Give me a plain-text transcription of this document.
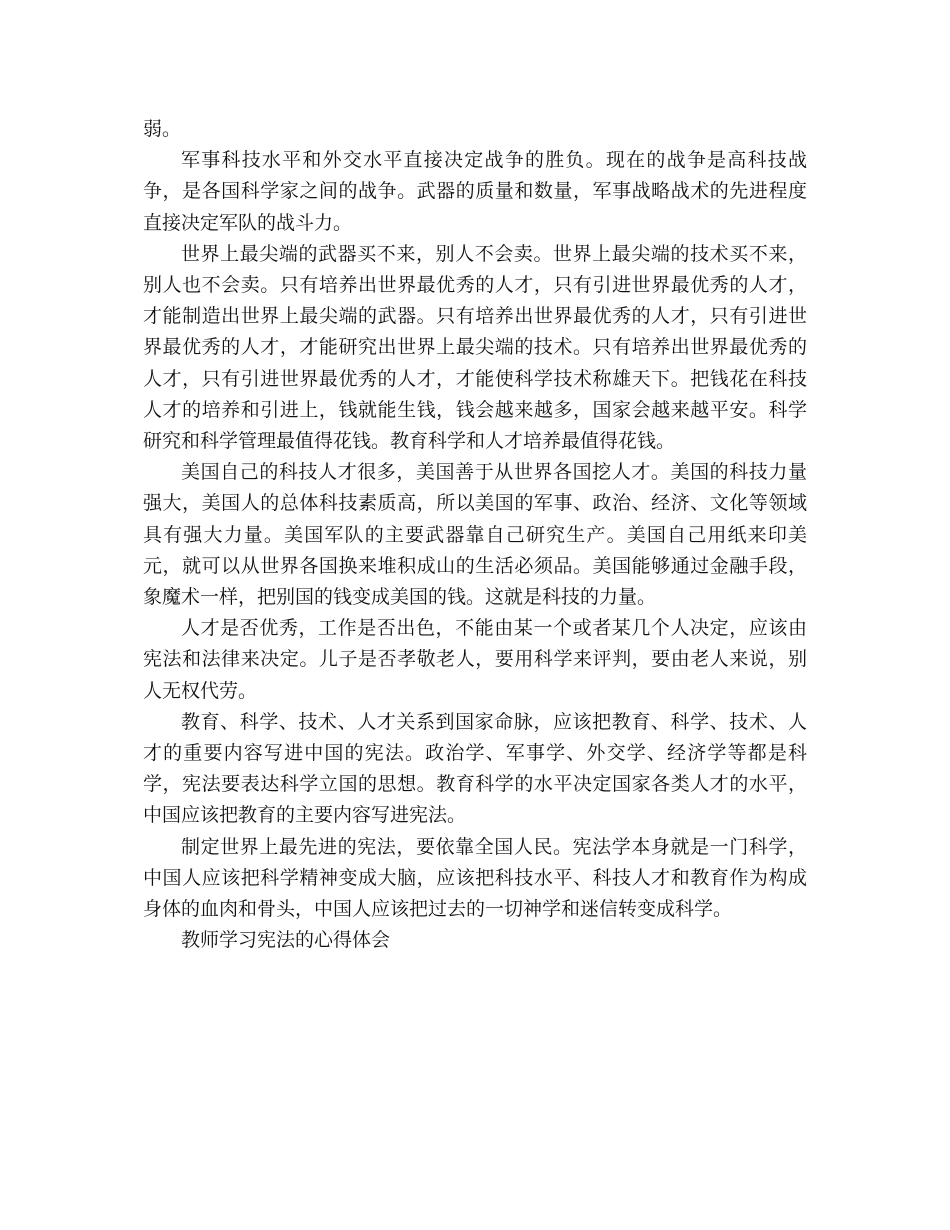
弱。

军事科技水平和外交水平直接决定战争的胜负。现在的战争是高科技战争，是各国科学家之间的战争。武器的质量和数量，军事战略战术的先进程度直接决定军队的战斗力。

世界上最尖端的武器买不来，别人不会卖。世界上最尖端的技术买不来，别人也不会卖。只有培养出世界最优秀的人才，只有引进世界最优秀的人才，才能制造出世界上最尖端的武器。只有培养出世界最优秀的人才，只有引进世界最优秀的人才，才能研究出世界上最尖端的技术。只有培养出世界最优秀的人才，只有引进世界最优秀的人才，才能使科学技术称雄天下。把钱花在科技人才的培养和引进上，钱就能生钱，钱会越来越多，国家会越来越平安。科学研究和科学管理最值得花钱。教育科学和人才培养最值得花钱。

美国自己的科技人才很多，美国善于从世界各国挖人才。美国的科技力量强大，美国人的总体科技素质高，所以美国的军事、政治、经济、文化等领域具有强大力量。美国军队的主要武器靠自己研究生产。美国自己用纸来印美元，就可以从世界各国换来堆积成山的生活必须品。美国能够通过金融手段，象魔术一样，把别国的钱变成美国的钱。这就是科技的力量。

人才是否优秀，工作是否出色，不能由某一个或者某几个人决定，应该由宪法和法律来决定。儿子是否孝敬老人，要用科学来评判，要由老人来说，别人无权代劳。

教育、科学、技术、人才关系到国家命脉，应该把教育、科学、技术、人才的重要内容写进中国的宪法。政治学、军事学、外交学、经济学等都是科学，宪法要表达科学立国的思想。教育科学的水平决定国家各类人才的水平，中国应该把教育的主要内容写进宪法。

制定世界上最先进的宪法，要依靠全国人民。宪法学本身就是一门科学，中国人应该把科学精神变成大脑，应该把科技水平、科技人才和教育作为构成身体的血肉和骨头，中国人应该把过去的一切神学和迷信转变成科学。

教师学习宪法的心得体会
